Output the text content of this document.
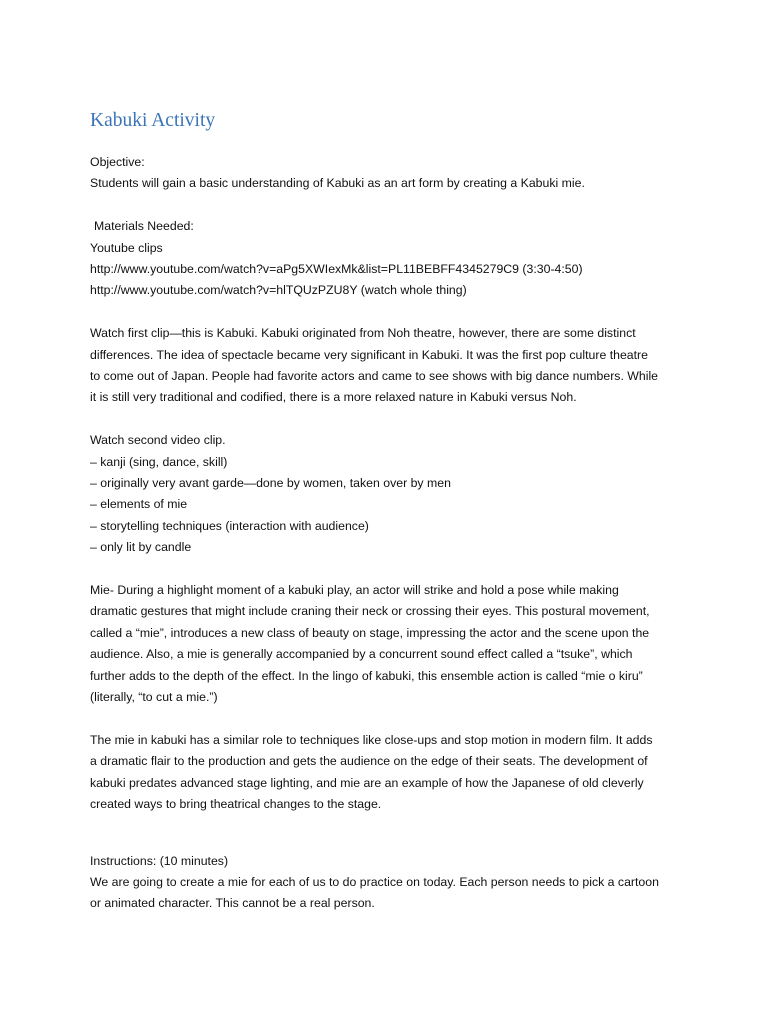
Kabuki Activity

Objective:

Students will gain a basic understanding of Kabuki as an art form by creating a Kabuki mie.

Materials Needed:

Youtube clips

http://www.youtube.com/watch?v=aPg5XWIexMk&list=PL11BEBFF4345279C9 (3:30-4:50)

http://www.youtube.com/watch?v=hlTQUzPZU8Y (watch whole thing)

Watch first clip—this is Kabuki. Kabuki originated from Noh theatre, however, there are some distinct

differences. The idea of spectacle became very significant in Kabuki. It was the first pop culture theatre

to come out of Japan. People had favorite actors and came to see shows with big dance numbers. While

it is still very traditional and codified, there is a more relaxed nature in Kabuki versus Noh.

Watch second video clip.

– kanji (sing, dance, skill)
– originally very avant garde—done by women, taken over by men
– elements of mie
– storytelling techniques (interaction with audience)
– only lit by candle

Mie- During a highlight moment of a kabuki play, an actor will strike and hold a pose while making

dramatic gestures that might include craning their neck or crossing their eyes. This postural movement,

called a “mie”, introduces a new class of beauty on stage, impressing the actor and the scene upon the

audience. Also, a mie is generally accompanied by a concurrent sound effect called a “tsuke”, which

further adds to the depth of the effect. In the lingo of kabuki, this ensemble action is called “mie o kiru”

(literally, “to cut a mie.”)

The mie in kabuki has a similar role to techniques like close-ups and stop motion in modern film. It adds

a dramatic flair to the production and gets the audience on the edge of their seats. The development of

kabuki predates advanced stage lighting, and mie are an example of how the Japanese of old cleverly

created ways to bring theatrical changes to the stage.

Instructions: (10 minutes)

We are going to create a mie for each of us to do practice on today. Each person needs to pick a cartoon

or animated character. This cannot be a real person.
